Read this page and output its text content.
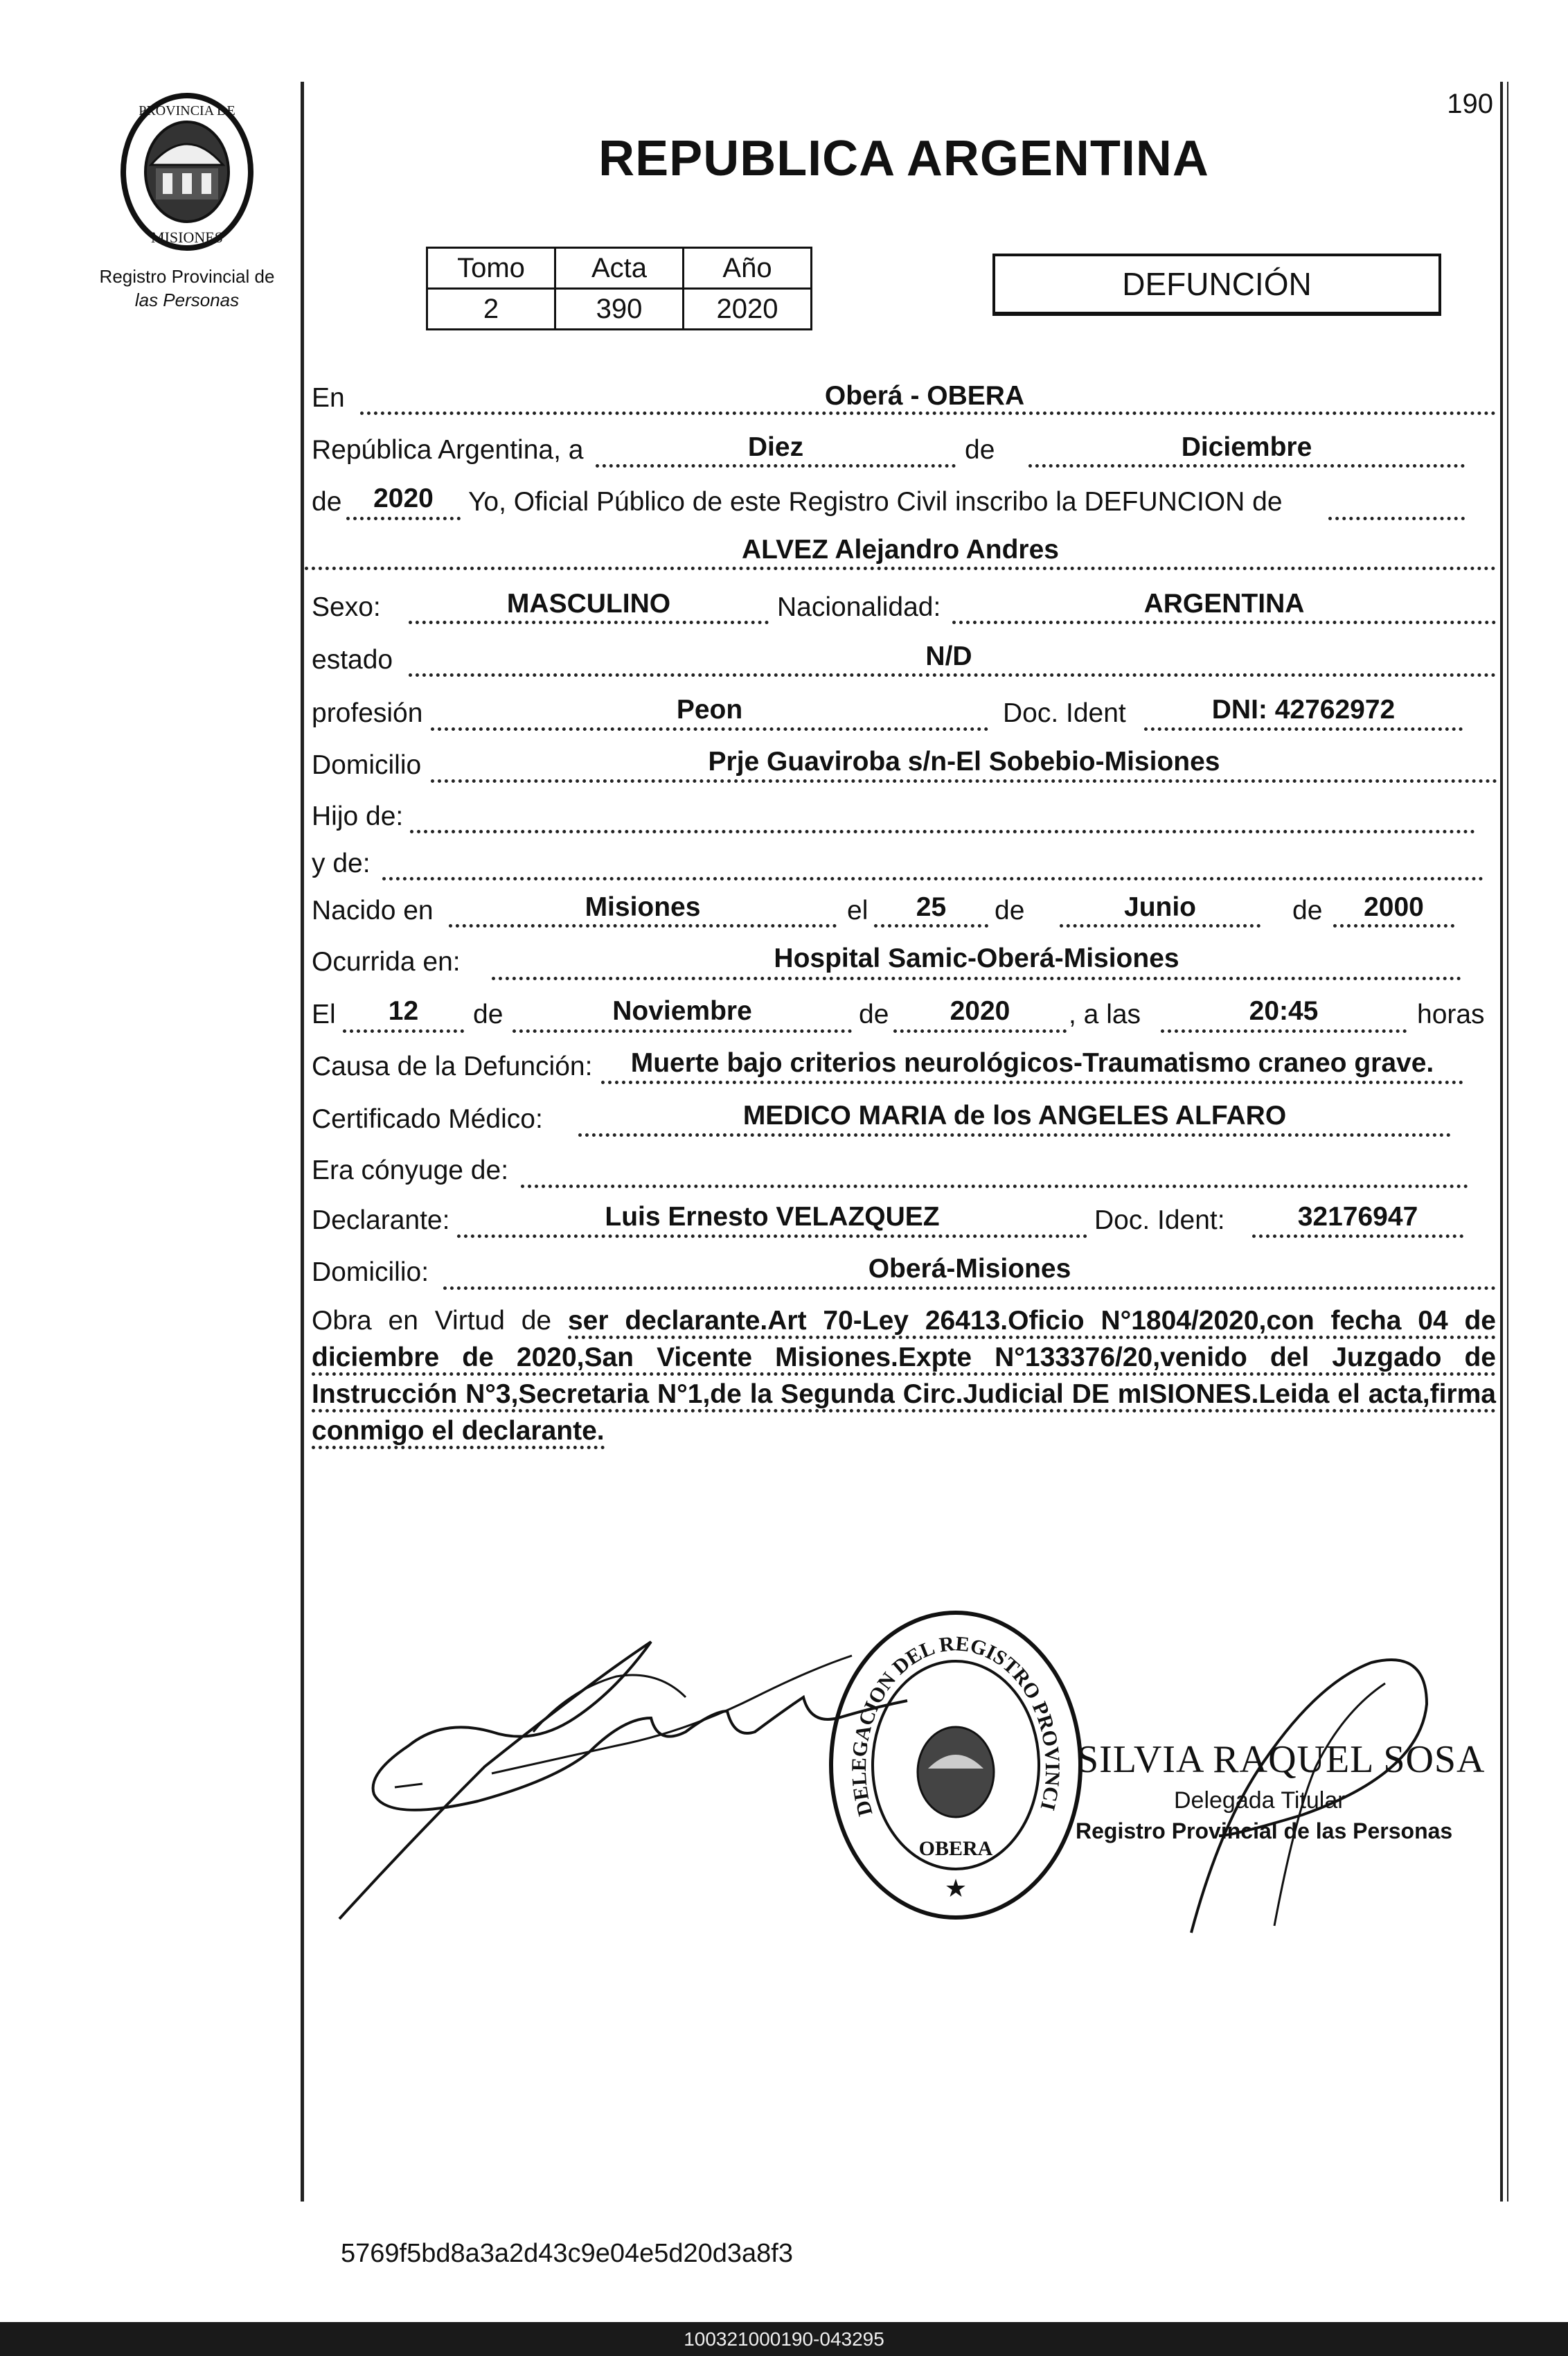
PROVINCIA DE
MISIONES
Registro Provincial de
las Personas
190
REPUBLICA ARGENTINA
Tomo	Acta	Año
2	390	2020
DEFUNCIÓN
En	Oberá - OBERA
República Argentina, a	Diez	de	Diciembre
de	2020	Yo, Oficial Público de este Registro Civil inscribo la DEFUNCION de
ALVEZ Alejandro Andres
Sexo:	MASCULINO	Nacionalidad:	ARGENTINA
estado	N/D
profesión	Peon	Doc. Ident	DNI: 42762972
Domicilio	Prje Guaviroba s/n-El Sobebio-Misiones
Hijo de:
y de:
Nacido en	Misiones	el	25	de	Junio	de	2000
Ocurrida en:	Hospital Samic-Oberá-Misiones
El	12	de	Noviembre	de	2020	, a las	20:45	horas
Causa de la Defunción:	Muerte bajo criterios neurológicos-Traumatismo craneo grave.
Certificado Médico:	MEDICO MARIA de los ANGELES ALFARO
Era cónyuge de:
Declarante:	Luis Ernesto VELAZQUEZ	Doc. Ident:	32176947
Domicilio:	Oberá-Misiones
Obra en Virtud de ser declarante.Art 70-Ley 26413.Oficio N°1804/2020,con fecha 04 de diciembre de 2020,San Vicente Misiones.Expte N°133376/20,venido del Juzgado de Instrucción N°3,Secretaria N°1,de la Segunda Circ.Judicial DE mISIONES.Leida el acta,firma conmigo el declarante.
DELEGACION DEL REGISTRO PROVINCI
OBERA
★
SILVIA RAQUEL SOSA
Delegada Titular
Registro Provincial de las Personas
5769f5bd8a3a2d43c9e04e5d20d3a8f3
100321000190-043295
